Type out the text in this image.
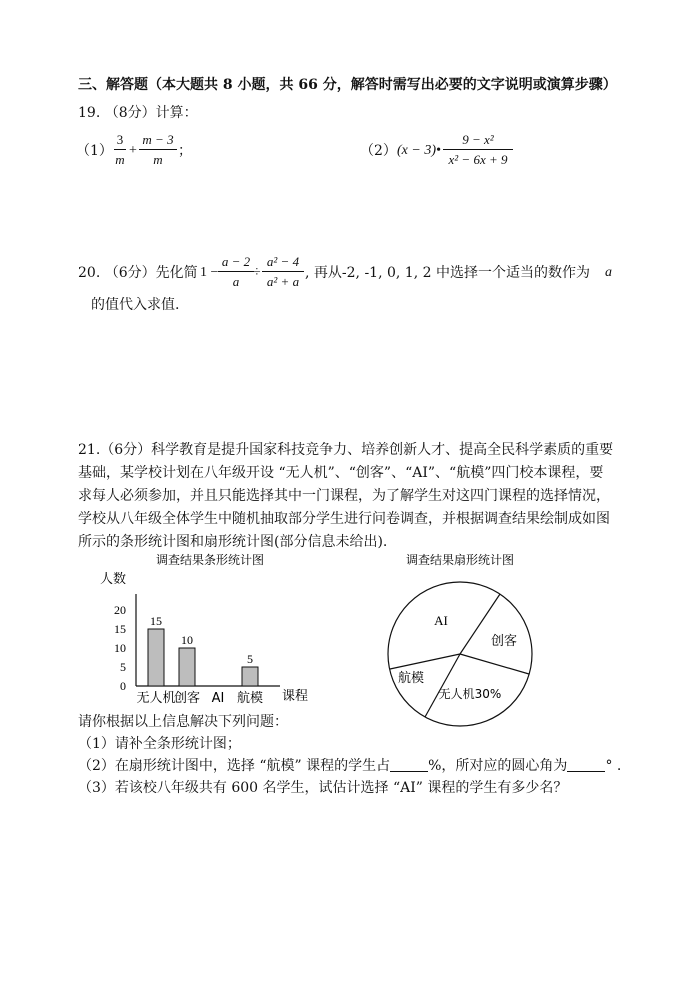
三、解答题（本大题共 8 小题，共 66 分，解答时需写出必要的文字说明或演算步骤）
19. （8分）计算：
（1）
3
m
+
m − 3
m
；	（2） (x − 3)•
9 − x²
x² − 6x + 9
20. （6分）先化简 1 −
a − 2
a
÷
a² − 4
a² + a
, 再从-2, -1, 0, 1, 2 中选择一个适当的数作为 a
的值代入求值.
21.（6分）科学教育是提升国家科技竞争力、培养创新人才、提高全民科学素质的重要
基础，某学校计划在八年级开设 “无人机”、“创客”、“AI”、“航模”四门校本课程，要
求每人必须参加，并且只能选择其中一门课程，为了解学生对这四门课程的选择情况，
学校从八年级全体学生中随机抽取部分学生进行问卷调查，并根据调查结果绘制成如图
所示的条形统计图和扇形统计图(部分信息未给出).
调查结果条形统计图
人数
0
5
10
15
20
15
10
5
无人机
创客 AI 航模 课程
调查结果扇形统计图
AI
创客
无人机30%
航模
请你根据以上信息解决下列问题：
（1）请补全条形统计图；
（2）在扇形统计图中，选择 “航模” 课程的学生占	%，所对应的圆心角为	° .
（3）若该校八年级共有 600 名学生，试估计选择 “AI” 课程的学生有多少名？
